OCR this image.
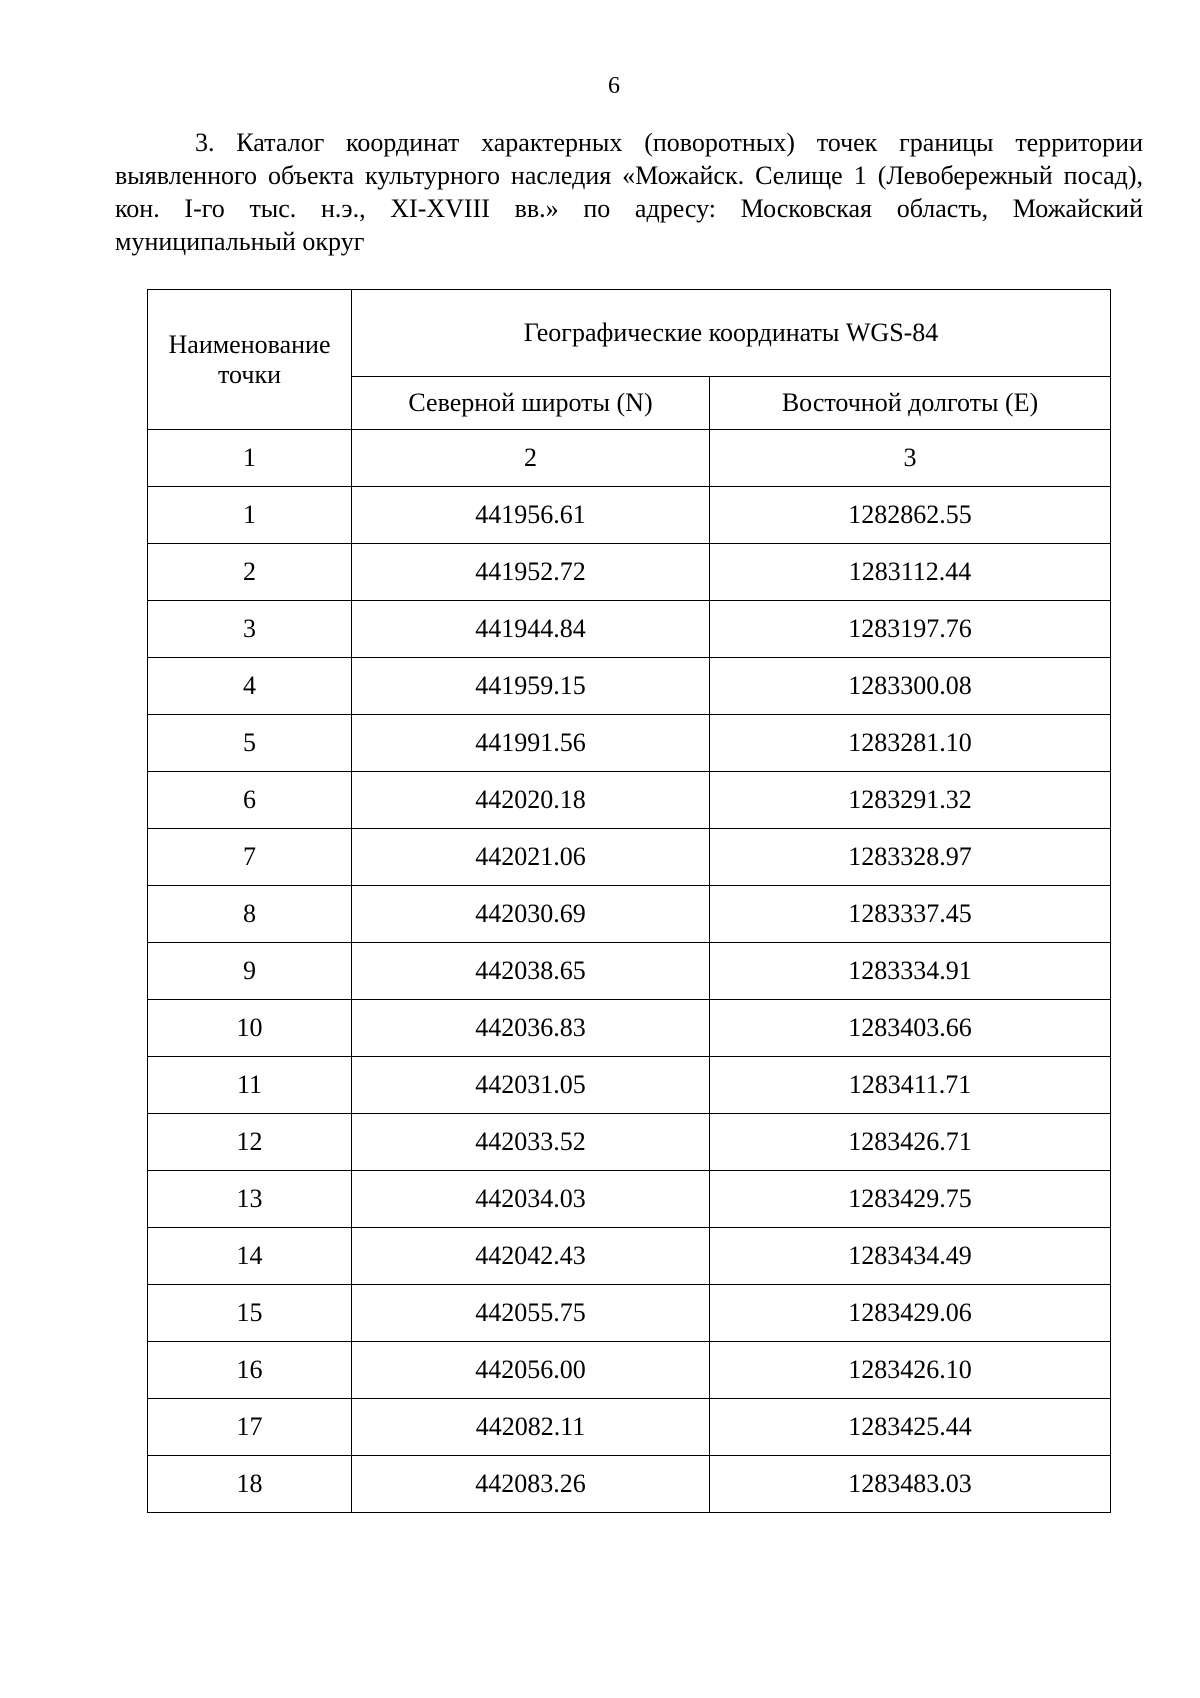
6

3. Каталог координат характерных (поворотных) точек границы территории выявленного объекта культурного наследия «Можайск. Селище 1 (Левобережный посад), кон. I-го тыс. н.э., XI-XVIII вв.» по адресу: Московская область, Можайский муниципальный округ

Наименование точки	Географические координаты WGS-84	
	Северной широты (N)	Восточной долготы (E)
1	2	3
1	441956.61	1282862.55
2	441952.72	1283112.44
3	441944.84	1283197.76
4	441959.15	1283300.08
5	441991.56	1283281.10
6	442020.18	1283291.32
7	442021.06	1283328.97
8	442030.69	1283337.45
9	442038.65	1283334.91
10	442036.83	1283403.66
11	442031.05	1283411.71
12	442033.52	1283426.71
13	442034.03	1283429.75
14	442042.43	1283434.49
15	442055.75	1283429.06
16	442056.00	1283426.10
17	442082.11	1283425.44
18	442083.26	1283483.03
